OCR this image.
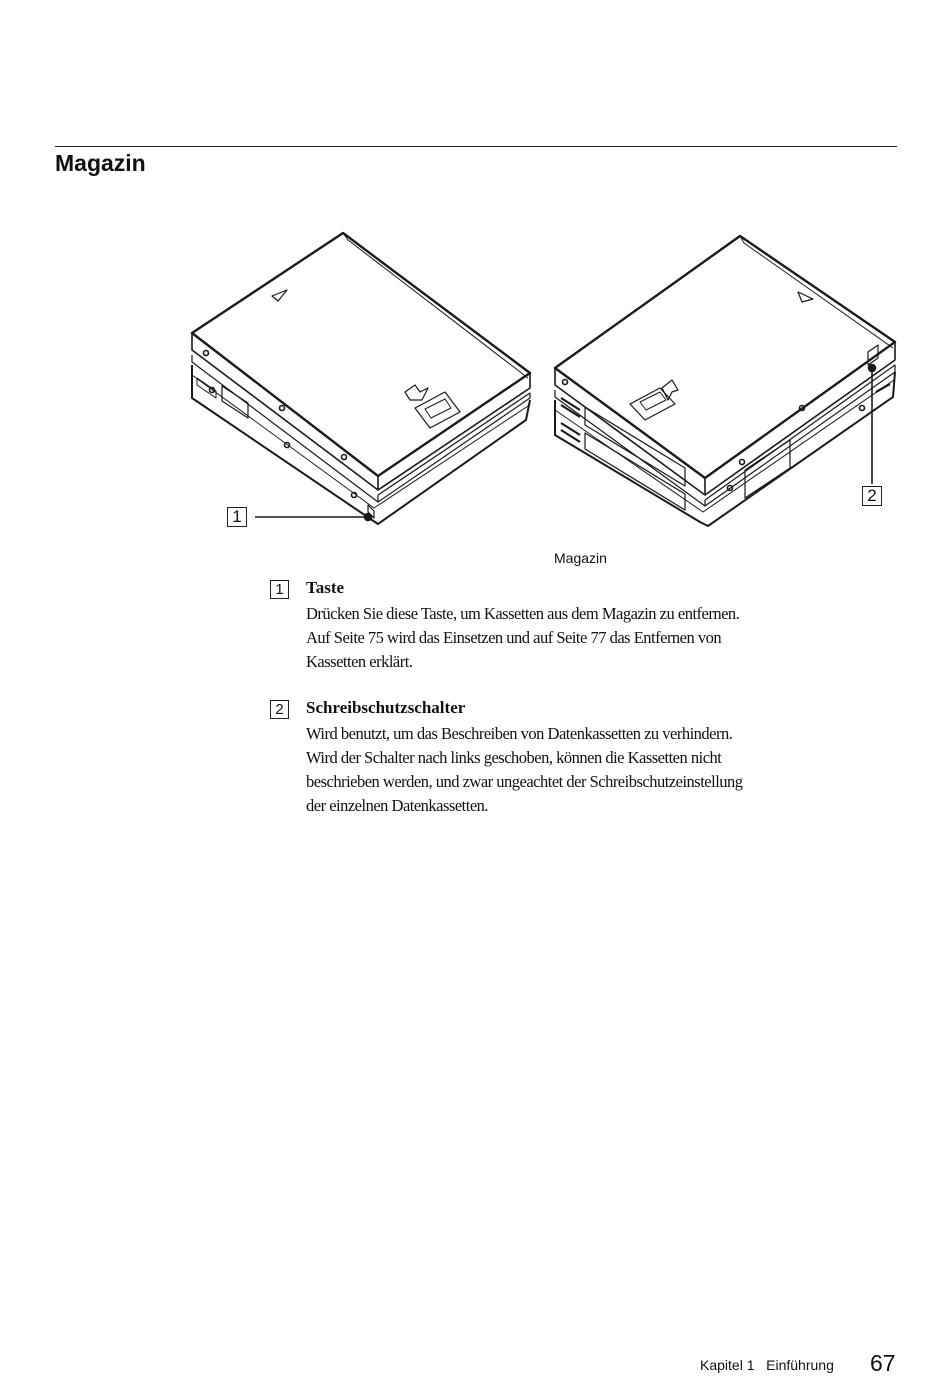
Magazin
1
2
Magazin
1	Taste
Drücken Sie diese Taste, um Kassetten aus dem Magazin zu entfernen.
Auf Seite 75 wird das Einsetzen und auf Seite 77 das Entfernen von
Kassetten erklärt.
2	Schreibschutzschalter
Wird benutzt, um das Beschreiben von Datenkassetten zu verhindern.
Wird der Schalter nach links geschoben, können die Kassetten nicht
beschrieben werden, und zwar ungeachtet der Schreibschutzeinstellung
der einzelnen Datenkassetten.
Kapitel 1   Einführung 67
